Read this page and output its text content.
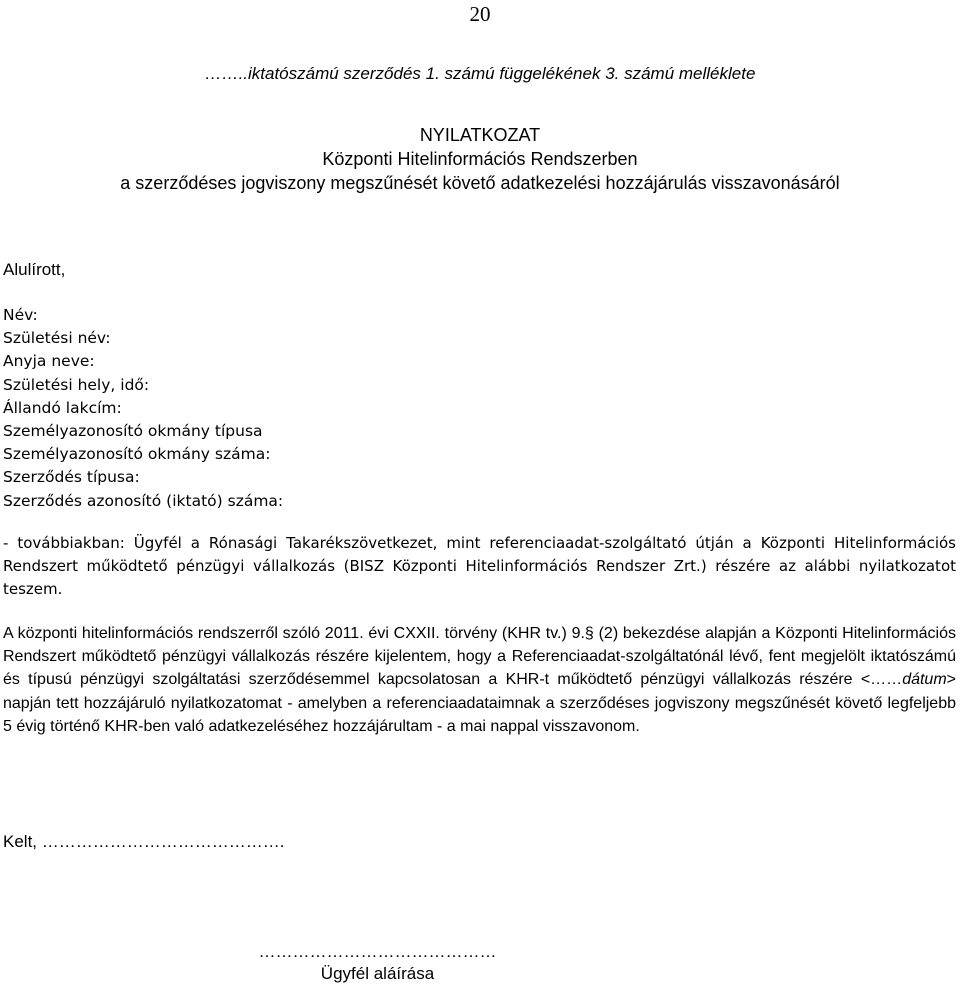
20
……..iktatószámú szerződés 1. számú függelékének 3. számú melléklete
NYILATKOZAT
Központi Hitelinformációs Rendszerben
a szerződéses jogviszony megszűnését követő adatkezelési hozzájárulás visszavonásáról
Alulírott,
Név:
Születési név:
Anyja neve:
Születési hely, idő:
Állandó lakcím:
Személyazonosító okmány típusa
Személyazonosító okmány száma:
Szerződés típusa:
Szerződés azonosító (iktató) száma:

- továbbiakban: Ügyfél a Rónasági Takarékszövetkezet, mint referenciaadat-szolgáltató útján a Központi Hitelinformációs Rendszert működtető pénzügyi vállalkozás (BISZ Központi Hitelinformációs Rendszer Zrt.) részére az alábbi nyilatkozatot teszem.

A központi hitelinformációs rendszerről szóló 2011. évi CXXII. törvény (KHR tv.) 9.§ (2) bekezdése alapján a Központi Hitelinformációs Rendszert működtető pénzügyi vállalkozás részére kijelentem, hogy a Referenciaadat-szolgáltatónál lévő, fent megjelölt iktatószámú és típusú pénzügyi szolgáltatási szerződésemmel kapcsolatosan a KHR-t működtető pénzügyi vállalkozás részére <……dátum> napján tett hozzájáruló nyilatkozatomat - amelyben a referenciaadataimnak a szerződéses jogviszony megszűnését követő legfeljebb 5 évig történő KHR-ben való adatkezeléséhez hozzájárultam - a mai nappal visszavonom.

Kelt, …………………………………….
……………………………………
Ügyfél aláírása
